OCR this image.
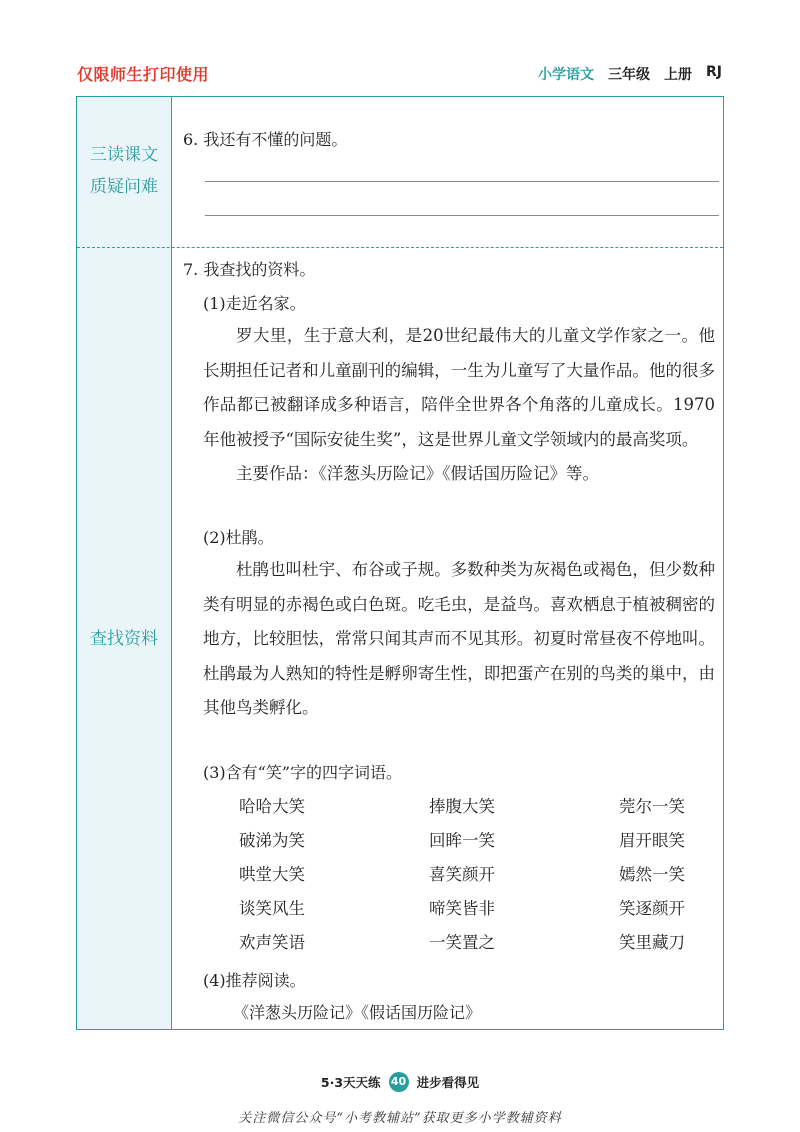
仅限师生打印使用	小学语文 三年级 上册 RJ
三读课文
质疑问难
6. 我还有不懂的问题。
查找资料
7. 我查找的资料。
(1)走近名家。

罗大里，生于意大利，是20世纪最伟大的儿童文学作家之一。他长期担任记者和儿童副刊的编辑，一生为儿童写了大量作品。他的很多作品都已被翻译成多种语言，陪伴全世界各个角落的儿童成长。1970年他被授予“国际安徒生奖”，这是世界儿童文学领域内的最高奖项。

主要作品：《洋葱头历险记》《假话国历险记》等。

(2)杜鹃。

杜鹃也叫杜宇、布谷或子规。多数种类为灰褐色或褐色，但少数种类有明显的赤褐色或白色斑。吃毛虫，是益鸟。喜欢栖息于植被稠密的地方，比较胆怯，常常只闻其声而不见其形。初夏时常昼夜不停地叫。杜鹃最为人熟知的特性是孵卵寄生性，即把蛋产在别的鸟类的巢中，由其他鸟类孵化。

(3)含有“笑”字的四字词语。
哈哈大笑	捧腹大笑	莞尔一笑
破涕为笑	回眸一笑	眉开眼笑
哄堂大笑	喜笑颜开	嫣然一笑
谈笑风生	啼笑皆非	笑逐颜开
欢声笑语	一笑置之	笑里藏刀
(4)推荐阅读。
《洋葱头历险记》《假话国历险记》
5·3天天练 40 进步看得见
关注微信公众号“小考教辅站”获取更多小学教辅资料
